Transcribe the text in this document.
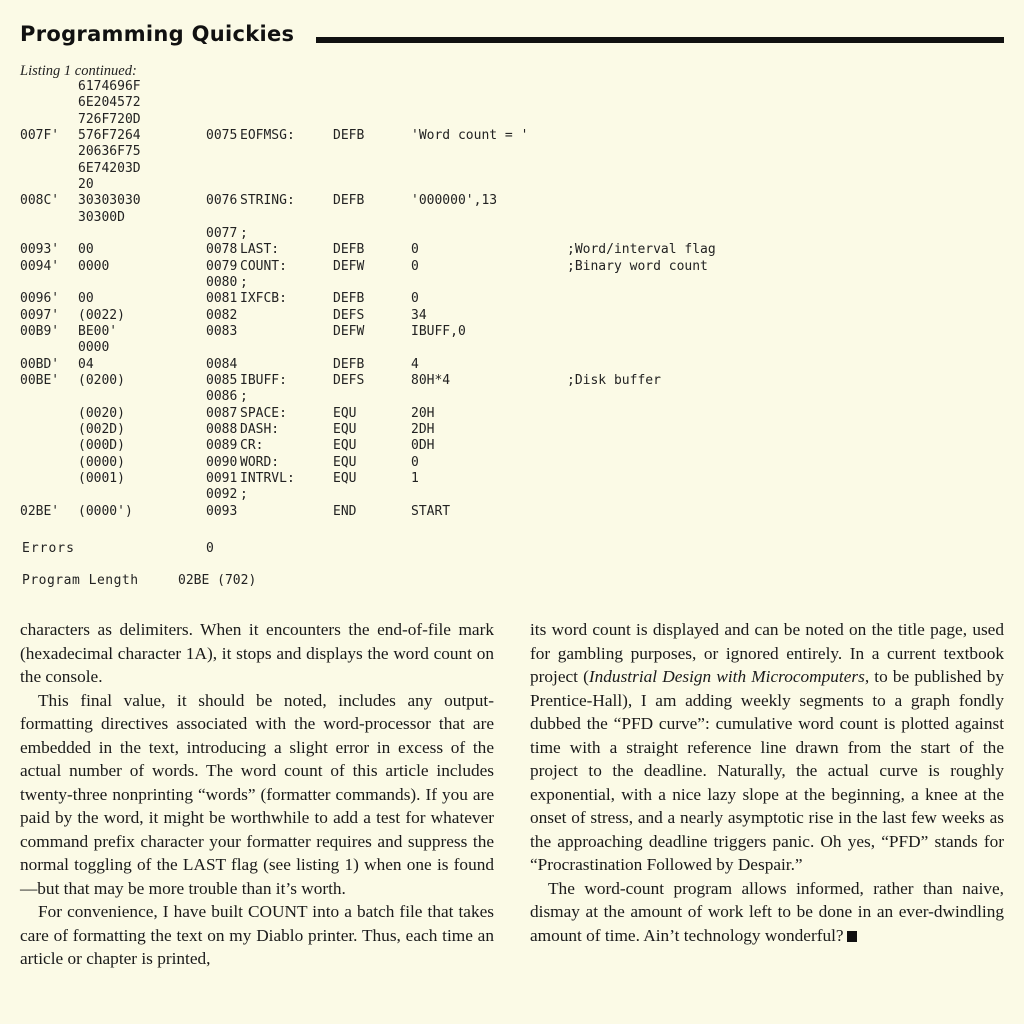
Programming Quickies
Listing 1 continued:
6174696F
6E204572
726F720D
007F' 576F7264	0075 EOFMSG:	DEFB	'Word count = '
20636F75
6E74203D
20
008C' 30303030	0076 STRING:	DEFB	'000000',13
30300D
0077 ;
0093' 00	0078 LAST:	DEFB	0	;Word/interval flag
0094' 0000	0079 COUNT:	DEFW	0	;Binary word count
0080 ;
0096' 00	0081 IXFCB:	DEFB	0
0097' (0022)	0082	DEFS	34
00B9' BE00'	0083	DEFW	IBUFF,0
0000
00BD' 04	0084	DEFB	4
00BE' (0200)	0085 IBUFF:	DEFS	80H*4	;Disk buffer
0086 ;
(0020)	0087 SPACE:	EQU	20H
(002D)	0088 DASH:	EQU	2DH
(000D)	0089 CR:	EQU	0DH
(0000)	0090 WORD:	EQU	0
(0001)	0091 INTRVL:	EQU	1
0092 ;
02BE' (0000')	0093	END	START
Errors	0
Program Length	02BE (702)

characters as delimiters. When it encounters the end-of-file mark (hexadecimal character 1A), it stops and displays the word count on the console.

This final value, it should be noted, includes any output-formatting directives associated with the word-processor that are embedded in the text, introducing a slight error in excess of the actual number of words. The word count of this article includes twenty-three nonprinting “words” (formatter commands). If you are paid by the word, it might be worthwhile to add a test for whatever command prefix character your formatter requires and suppress the normal toggling of the LAST flag (see listing 1) when one is found—but that may be more trouble than it’s worth.

For convenience, I have built COUNT into a batch file that takes care of formatting the text on my Diablo printer. Thus, each time an article or chapter is printed,

its word count is displayed and can be noted on the title page, used for gambling purposes, or ignored entirely. In a current textbook project (Industrial Design with Microcomputers, to be published by Prentice-Hall), I am adding weekly segments to a graph fondly dubbed the “PFD curve”: cumulative word count is plotted against time with a straight reference line drawn from the start of the project to the deadline. Naturally, the actual curve is roughly exponential, with a nice lazy slope at the beginning, a knee at the onset of stress, and a nearly asymptotic rise in the last few weeks as the approaching deadline triggers panic. Oh yes, “PFD” stands for “Procrastination Followed by Despair.”

The word-count program allows informed, rather than naive, dismay at the amount of work left to be done in an ever-dwindling amount of time. Ain’t technology wonderful?
